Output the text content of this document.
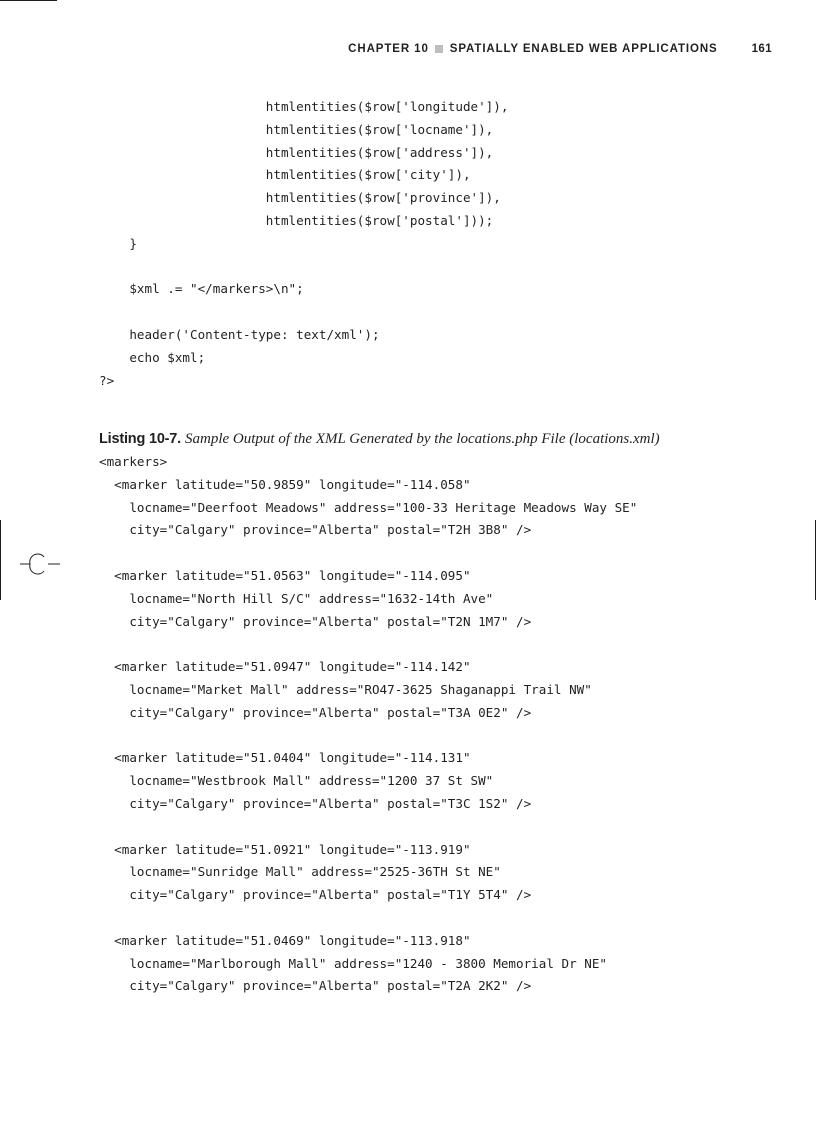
CHAPTER 10 SPATIALLY ENABLED WEB APPLICATIONS	161
htmlentities($row['longitude']),
htmlentities($row['locname']),
htmlentities($row['address']),
htmlentities($row['city']),
htmlentities($row['province']),
htmlentities($row['postal']));
}
$xml .= "</markers>\n";
header('Content-type: text/xml');
echo $xml;
?>
Listing 10-7. Sample Output of the XML Generated by the locations.php File (locations.xml)
<markers>
<marker latitude="50.9859" longitude="-114.058"
locname="Deerfoot Meadows" address="100-33 Heritage Meadows Way SE"
city="Calgary" province="Alberta" postal="T2H 3B8" />
<marker latitude="51.0563" longitude="-114.095"
locname="North Hill S/C" address="1632-14th Ave"
city="Calgary" province="Alberta" postal="T2N 1M7" />
<marker latitude="51.0947" longitude="-114.142"
locname="Market Mall" address="RO47-3625 Shaganappi Trail NW"
city="Calgary" province="Alberta" postal="T3A 0E2" />
<marker latitude="51.0404" longitude="-114.131"
locname="Westbrook Mall" address="1200 37 St SW"
city="Calgary" province="Alberta" postal="T3C 1S2" />
<marker latitude="51.0921" longitude="-113.919"
locname="Sunridge Mall" address="2525-36TH St NE"
city="Calgary" province="Alberta" postal="T1Y 5T4" />
<marker latitude="51.0469" longitude="-113.918"
locname="Marlborough Mall" address="1240 - 3800 Memorial Dr NE"
city="Calgary" province="Alberta" postal="T2A 2K2" />
